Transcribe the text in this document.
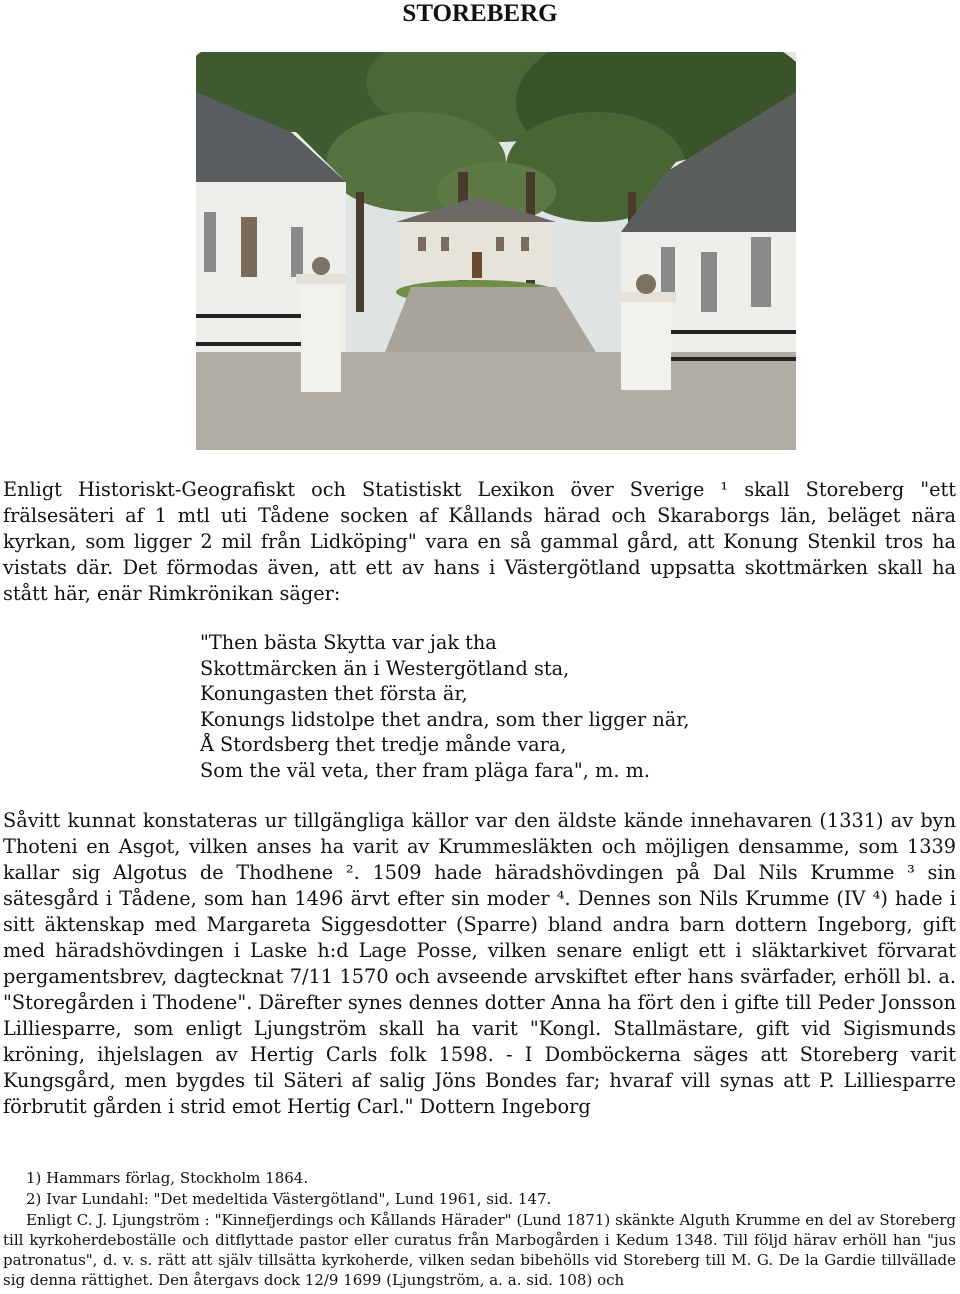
STOREBERG

Enligt Historiskt-Geografiskt och Statistiskt Lexikon över Sverige ¹ skall Storeberg "ett frälsesäteri af 1 mtl uti Tådene socken af Kållands härad och Skaraborgs län, beläget nära kyrkan, som ligger 2 mil från Lidköping" vara en så gammal gård, att Konung Stenkil tros ha vistats där. Det förmodas även, att ett av hans i Västergötland uppsatta skottmärken skall ha stått här, enär Rimkrönikan säger:

"Then bästa Skytta var jak tha
Skottmärcken än i Westergötland sta,
Konungasten thet första är,
Konungs lidstolpe thet andra, som ther ligger när,
Å Stordsberg thet tredje månde vara,
Som the väl veta, ther fram pläga fara", m. m.

Såvitt kunnat konstateras ur tillgängliga källor var den äldste kände innehavaren (1331) av byn Thoteni en Asgot, vilken anses ha varit av Krummesläkten och möjligen densamme, som 1339 kallar sig Algotus de Thodhene ². 1509 hade häradshövdingen på Dal Nils Krumme ³ sin sätesgård i Tådene, som han 1496 ärvt efter sin moder ⁴. Dennes son Nils Krumme (IV ⁴) hade i sitt äktenskap med Margareta Siggesdotter (Sparre) bland andra barn dottern Ingeborg, gift med häradshövdingen i Laske h:d Lage Posse, vilken senare enligt ett i släktarkivet förvarat pergamentsbrev, dagtecknat 7/11 1570 och avseende arvskiftet efter hans svärfader, erhöll bl. a. "Storegården i Thodene". Därefter synes dennes dotter Anna ha fört den i gifte till Peder Jonsson Lilliesparre, som enligt Ljungström skall ha varit "Kongl. Stallmästare, gift vid Sigismunds kröning, ihjelslagen av Hertig Carls folk 1598. - I Domböckerna säges att Storeberg varit Kungsgård, men bygdes til Säteri af salig Jöns Bondes far; hvaraf vill synas att P. Lilliesparre förbrutit gården i strid emot Hertig Carl." Dottern Ingeborg

1) Hammars förlag, Stockholm 1864.
2) Ivar Lundahl: "Det medeltida Västergötland", Lund 1961, sid. 147.
Enligt C. J. Ljungström : "Kinnefjerdings och Kållands Härader" (Lund 1871) skänkte Alguth Krumme en del av Storeberg till kyrkoherdeboställe och ditflyttade pastor eller curatus från Marbogården i Kedum 1348. Till följd härav erhöll han "jus patronatus", d. v. s. rätt att själv tillsätta kyrkoherde, vilken sedan bibehölls vid Storeberg till M. G. De la Gardie tillvällade sig denna rättighet. Den återgavs dock 12/9 1699 (Ljungström, a. a. sid. 108) och
